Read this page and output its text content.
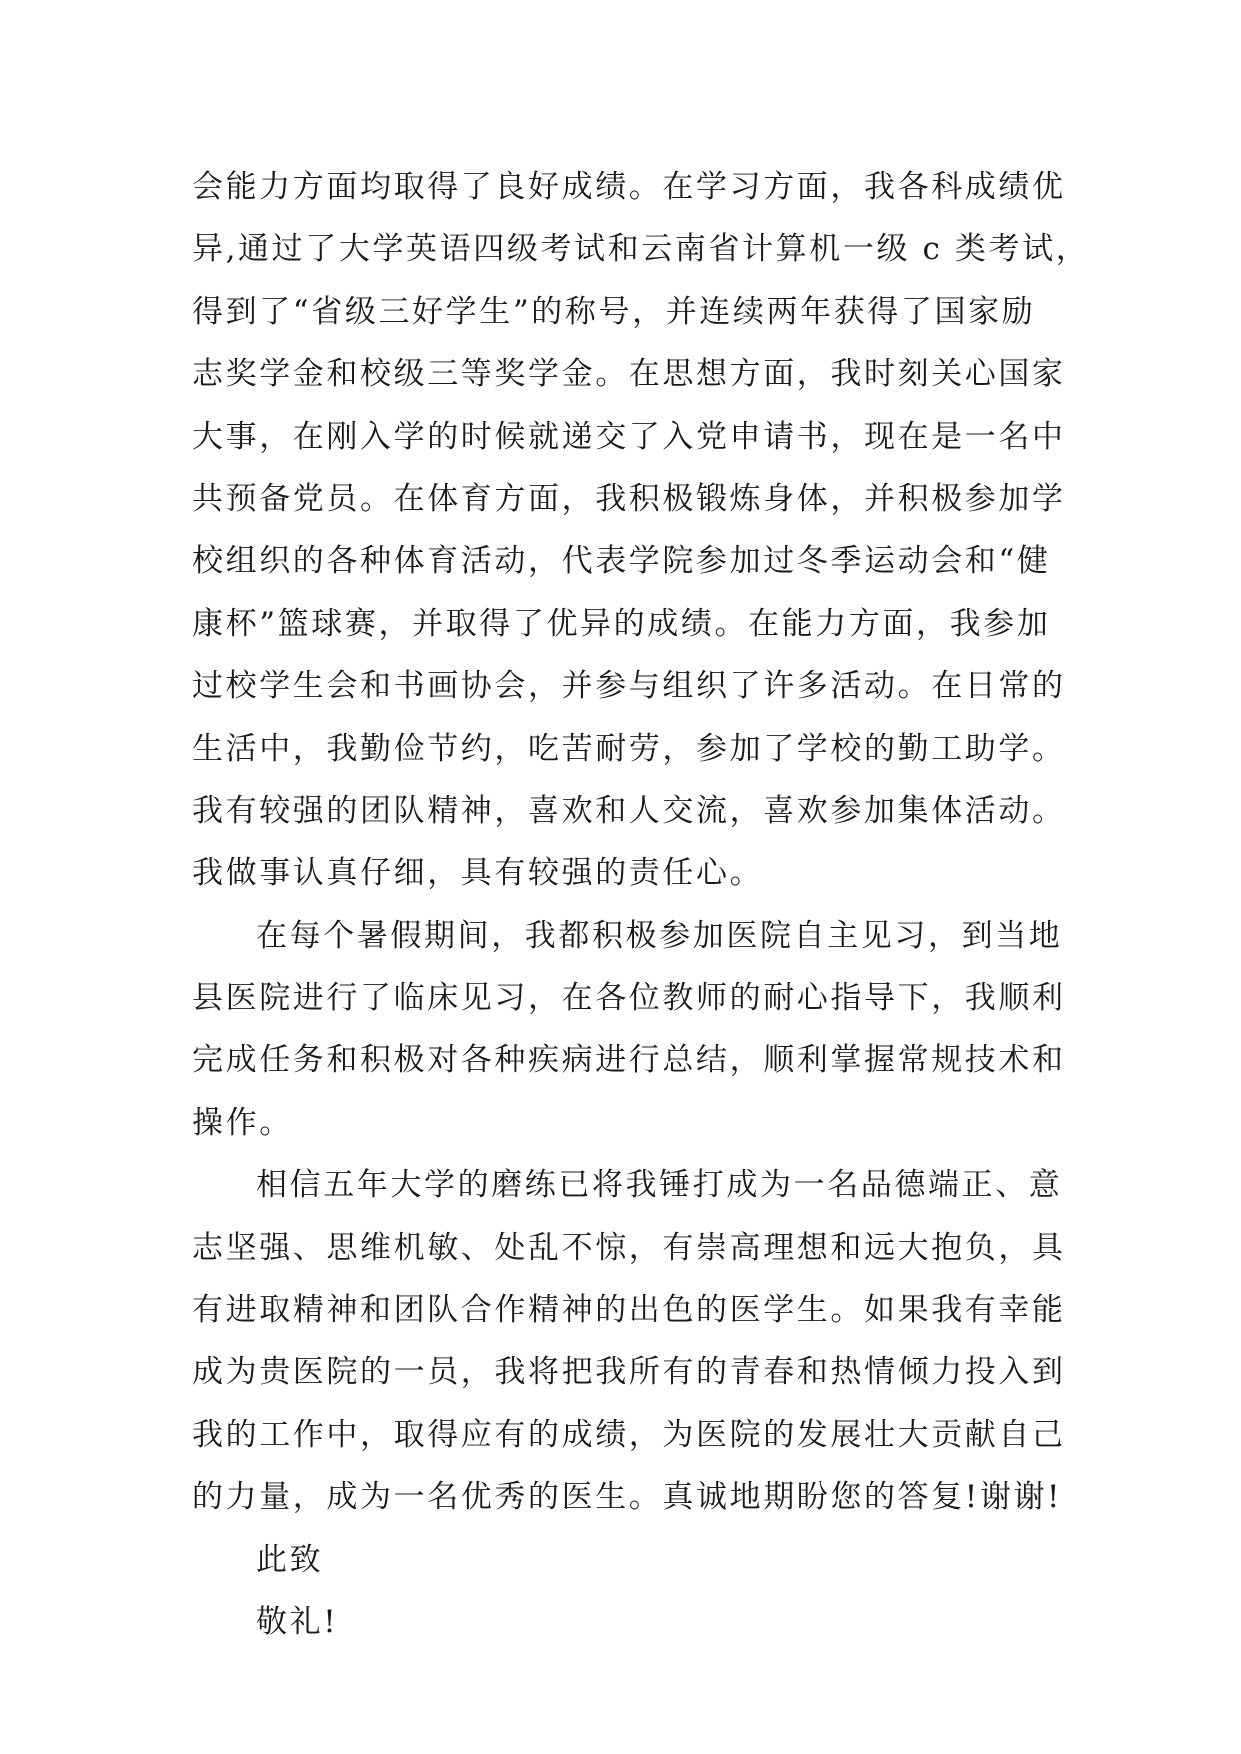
会能力方面均取得了良好成绩。在学习方面，我各科成绩优
异,通过了大学英语四级考试和云南省计算机一级 c 类考试，
得到了“省级三好学生”的称号，并连续两年获得了国家励
志奖学金和校级三等奖学金。在思想方面，我时刻关心国家
大事，在刚入学的时候就递交了入党申请书，现在是一名中
共预备党员。在体育方面，我积极锻炼身体，并积极参加学
校组织的各种体育活动，代表学院参加过冬季运动会和“健
康杯”篮球赛，并取得了优异的成绩。在能力方面，我参加
过校学生会和书画协会，并参与组织了许多活动。在日常的
生活中，我勤俭节约，吃苦耐劳，参加了学校的勤工助学。
我有较强的团队精神，喜欢和人交流，喜欢参加集体活动。
我做事认真仔细，具有较强的责任心。
在每个暑假期间，我都积极参加医院自主见习，到当地
县医院进行了临床见习，在各位教师的耐心指导下，我顺利
完成任务和积极对各种疾病进行总结，顺利掌握常规技术和
操作。
相信五年大学的磨练已将我锤打成为一名品德端正、意
志坚强、思维机敏、处乱不惊，有崇高理想和远大抱负，具
有进取精神和团队合作精神的出色的医学生。如果我有幸能
成为贵医院的一员，我将把我所有的青春和热情倾力投入到
我的工作中，取得应有的成绩，为医院的发展壮大贡献自己
的力量，成为一名优秀的医生。真诚地期盼您的答复!谢谢!
此致
敬礼!
